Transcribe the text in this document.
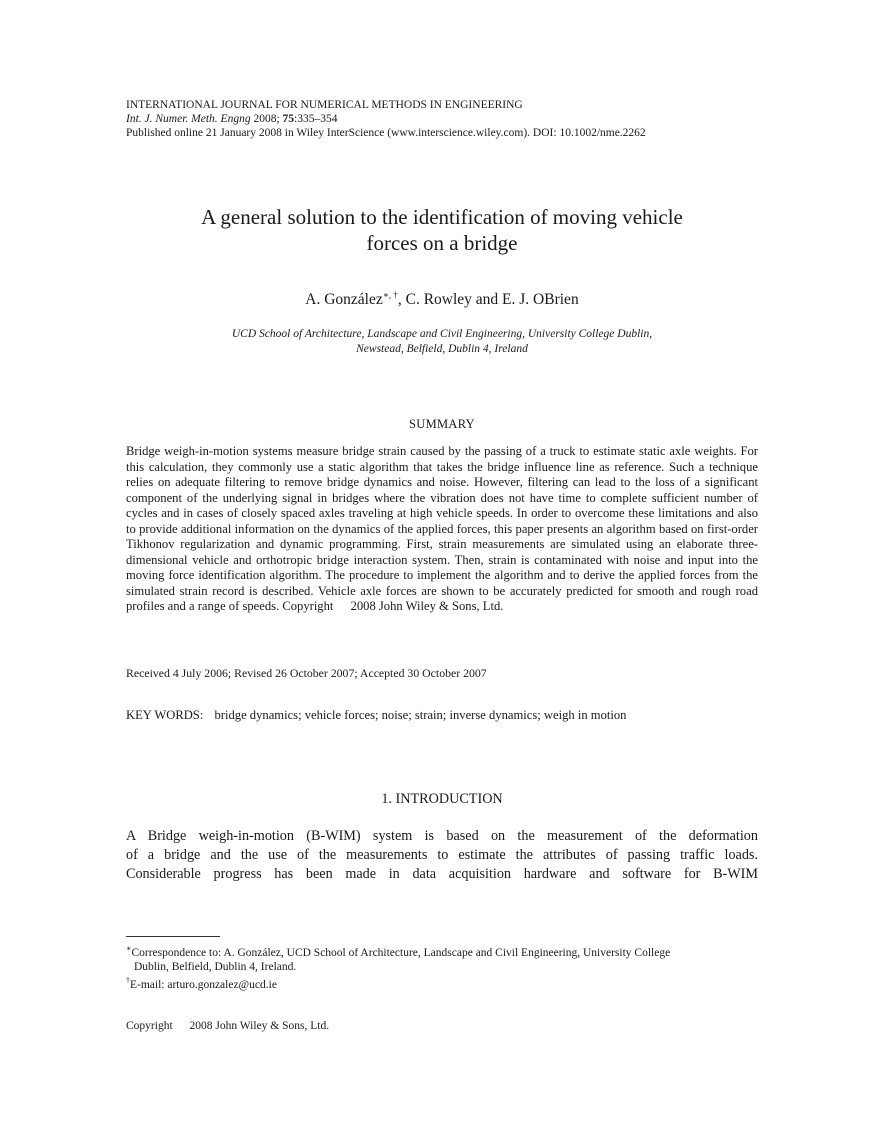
INTERNATIONAL JOURNAL FOR NUMERICAL METHODS IN ENGINEERING
Int. J. Numer. Meth. Engng 2008; 75:335–354
Published online 21 January 2008 in Wiley InterScience (www.interscience.wiley.com). DOI: 10.1002/nme.2262
A general solution to the identification of moving vehicle
forces on a bridge
A. González∗, †, C. Rowley and E. J. OBrien
UCD School of Architecture, Landscape and Civil Engineering, University College Dublin,
Newstead, Belfield, Dublin 4, Ireland
SUMMARY
Bridge weigh-in-motion systems measure bridge strain caused by the passing of a truck to estimate static axle weights. For this calculation, they commonly use a static algorithm that takes the bridge influence line as reference. Such a technique relies on adequate filtering to remove bridge dynamics and noise. However, filtering can lead to the loss of a significant component of the underlying signal in bridges where the vibration does not have time to complete sufficient number of cycles and in cases of closely spaced axles traveling at high vehicle speeds. In order to overcome these limitations and also to provide additional information on the dynamics of the applied forces, this paper presents an algorithm based on first-order Tikhonov regularization and dynamic programming. First, strain measurements are simulated using an elaborate three-dimensional vehicle and orthotropic bridge interaction system. Then, strain is contaminated with noise and input into the moving force identification algorithm. The procedure to implement the algorithm and to derive the applied forces from the simulated strain record is described. Vehicle axle forces are shown to be accurately predicted for smooth and rough road profiles and a range of speeds. Copyright 2008 John Wiley & Sons, Ltd.
Received 4 July 2006; Revised 26 October 2007; Accepted 30 October 2007
KEY WORDS: bridge dynamics; vehicle forces; noise; strain; inverse dynamics; weigh in motion
1. INTRODUCTION
A Bridge weigh-in-motion (B-WIM) system is based on the measurement of the deformation
of a bridge and the use of the measurements to estimate the attributes of passing traffic loads.
Considerable progress has been made in data acquisition hardware and software for B-WIM
∗Correspondence to: A. González, UCD School of Architecture, Landscape and Civil Engineering, University College
Dublin, Belfield, Dublin 4, Ireland.
†E-mail: arturo.gonzalez@ucd.ie
Copyright 2008 John Wiley & Sons, Ltd.
